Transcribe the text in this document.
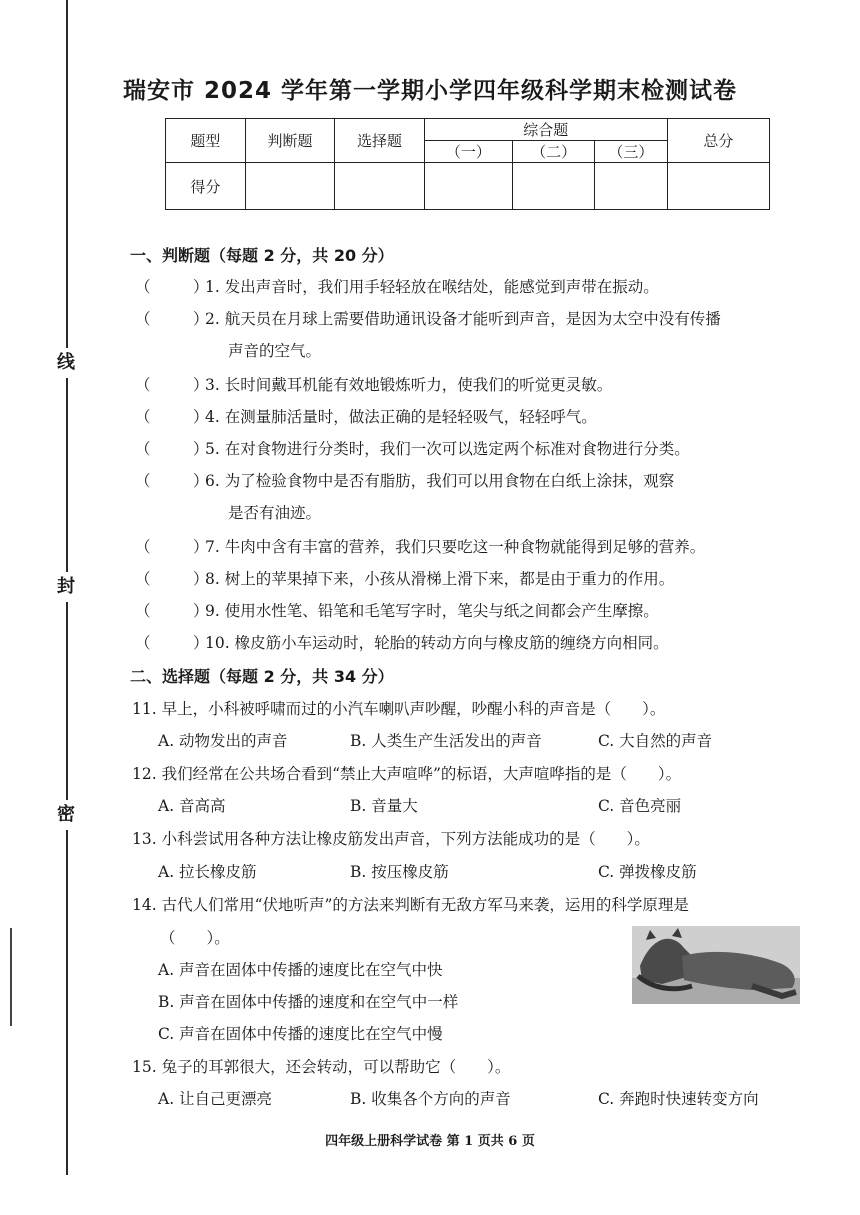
线
封
密
瑞安市 2024 学年第一学期小学四年级科学期末检测试卷
题型	判断题	选择题	综合题			总分
			（一）	（二）	（三）	
得分						
一、判断题（每题 2 分，共 20 分）
（	）1. 发出声音时，我们用手轻轻放在喉结处，能感觉到声带在振动。
（	）2. 航天员在月球上需要借助通讯设备才能听到声音，是因为太空中没有传播
声音的空气。
（	）3. 长时间戴耳机能有效地锻炼听力，使我们的听觉更灵敏。
（	）4. 在测量肺活量时，做法正确的是轻轻吸气，轻轻呼气。
（	）5. 在对食物进行分类时，我们一次可以选定两个标准对食物进行分类。
（	）6. 为了检验食物中是否有脂肪，我们可以用食物在白纸上涂抹，观察
是否有油迹。
（	）7. 牛肉中含有丰富的营养，我们只要吃这一种食物就能得到足够的营养。
（	）8. 树上的苹果掉下来，小孩从滑梯上滑下来，都是由于重力的作用。
（	）9. 使用水性笔、铅笔和毛笔写字时，笔尖与纸之间都会产生摩擦。
（	）10. 橡皮筋小车运动时，轮胎的转动方向与橡皮筋的缠绕方向相同。
二、选择题（每题 2 分，共 34 分）
11. 早上，小科被呼啸而过的小汽车喇叭声吵醒，吵醒小科的声音是（　　）。
A. 动物发出的声音	B. 人类生产生活发出的声音	C. 大自然的声音
12. 我们经常在公共场合看到“禁止大声喧哗”的标语，大声喧哗指的是（　　）。
A. 音高高	B. 音量大	C. 音色亮丽
13. 小科尝试用各种方法让橡皮筋发出声音，下列方法能成功的是（　　）。
A. 拉长橡皮筋	B. 按压橡皮筋	C. 弹拨橡皮筋
14. 古代人们常用“伏地听声”的方法来判断有无敌方军马来袭，运用的科学原理是
（　　）。
A. 声音在固体中传播的速度比在空气中快
B. 声音在固体中传播的速度和在空气中一样
C. 声音在固体中传播的速度比在空气中慢
15. 兔子的耳郭很大，还会转动，可以帮助它（　　）。
A. 让自己更漂亮	B. 收集各个方向的声音	C. 奔跑时快速转变方向
四年级上册科学试卷 第 1 页共 6 页
